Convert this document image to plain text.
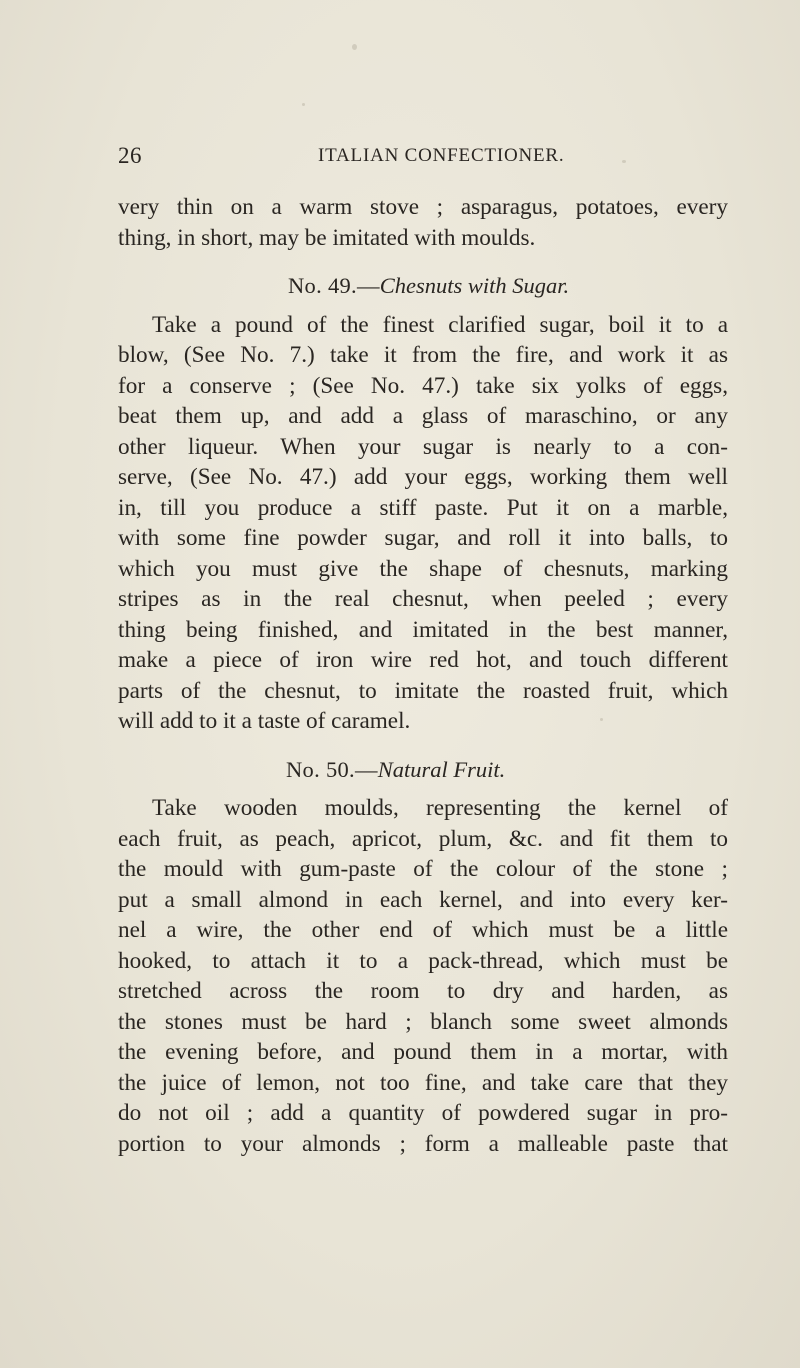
26	ITALIAN CONFECTIONER.
very thin on a warm stove ; asparagus, potatoes, every
thing, in short, may be imitated with moulds.
No. 49.—Chesnuts with Sugar.
Take a pound of the finest clarified sugar, boil it to a
blow, (See No. 7.) take it from the fire, and work it as
for a conserve ; (See No. 47.) take six yolks of eggs,
beat them up, and add a glass of maraschino, or any
other liqueur. When your sugar is nearly to a con-
serve, (See No. 47.) add your eggs, working them well
in, till you produce a stiff paste. Put it on a marble,
with some fine powder sugar, and roll it into balls, to
which you must give the shape of chesnuts, marking
stripes as in the real chesnut, when peeled ; every
thing being finished, and imitated in the best manner,
make a piece of iron wire red hot, and touch different
parts of the chesnut, to imitate the roasted fruit, which
will add to it a taste of caramel.
No. 50.—Natural Fruit.
Take wooden moulds, representing the kernel of
each fruit, as peach, apricot, plum, &c. and fit them to
the mould with gum-paste of the colour of the stone ;
put a small almond in each kernel, and into every ker-
nel a wire, the other end of which must be a little
hooked, to attach it to a pack-thread, which must be
stretched across the room to dry and harden, as
the stones must be hard ; blanch some sweet almonds
the evening before, and pound them in a mortar, with
the juice of lemon, not too fine, and take care that they
do not oil ; add a quantity of powdered sugar in pro-
portion to your almonds ; form a malleable paste that
